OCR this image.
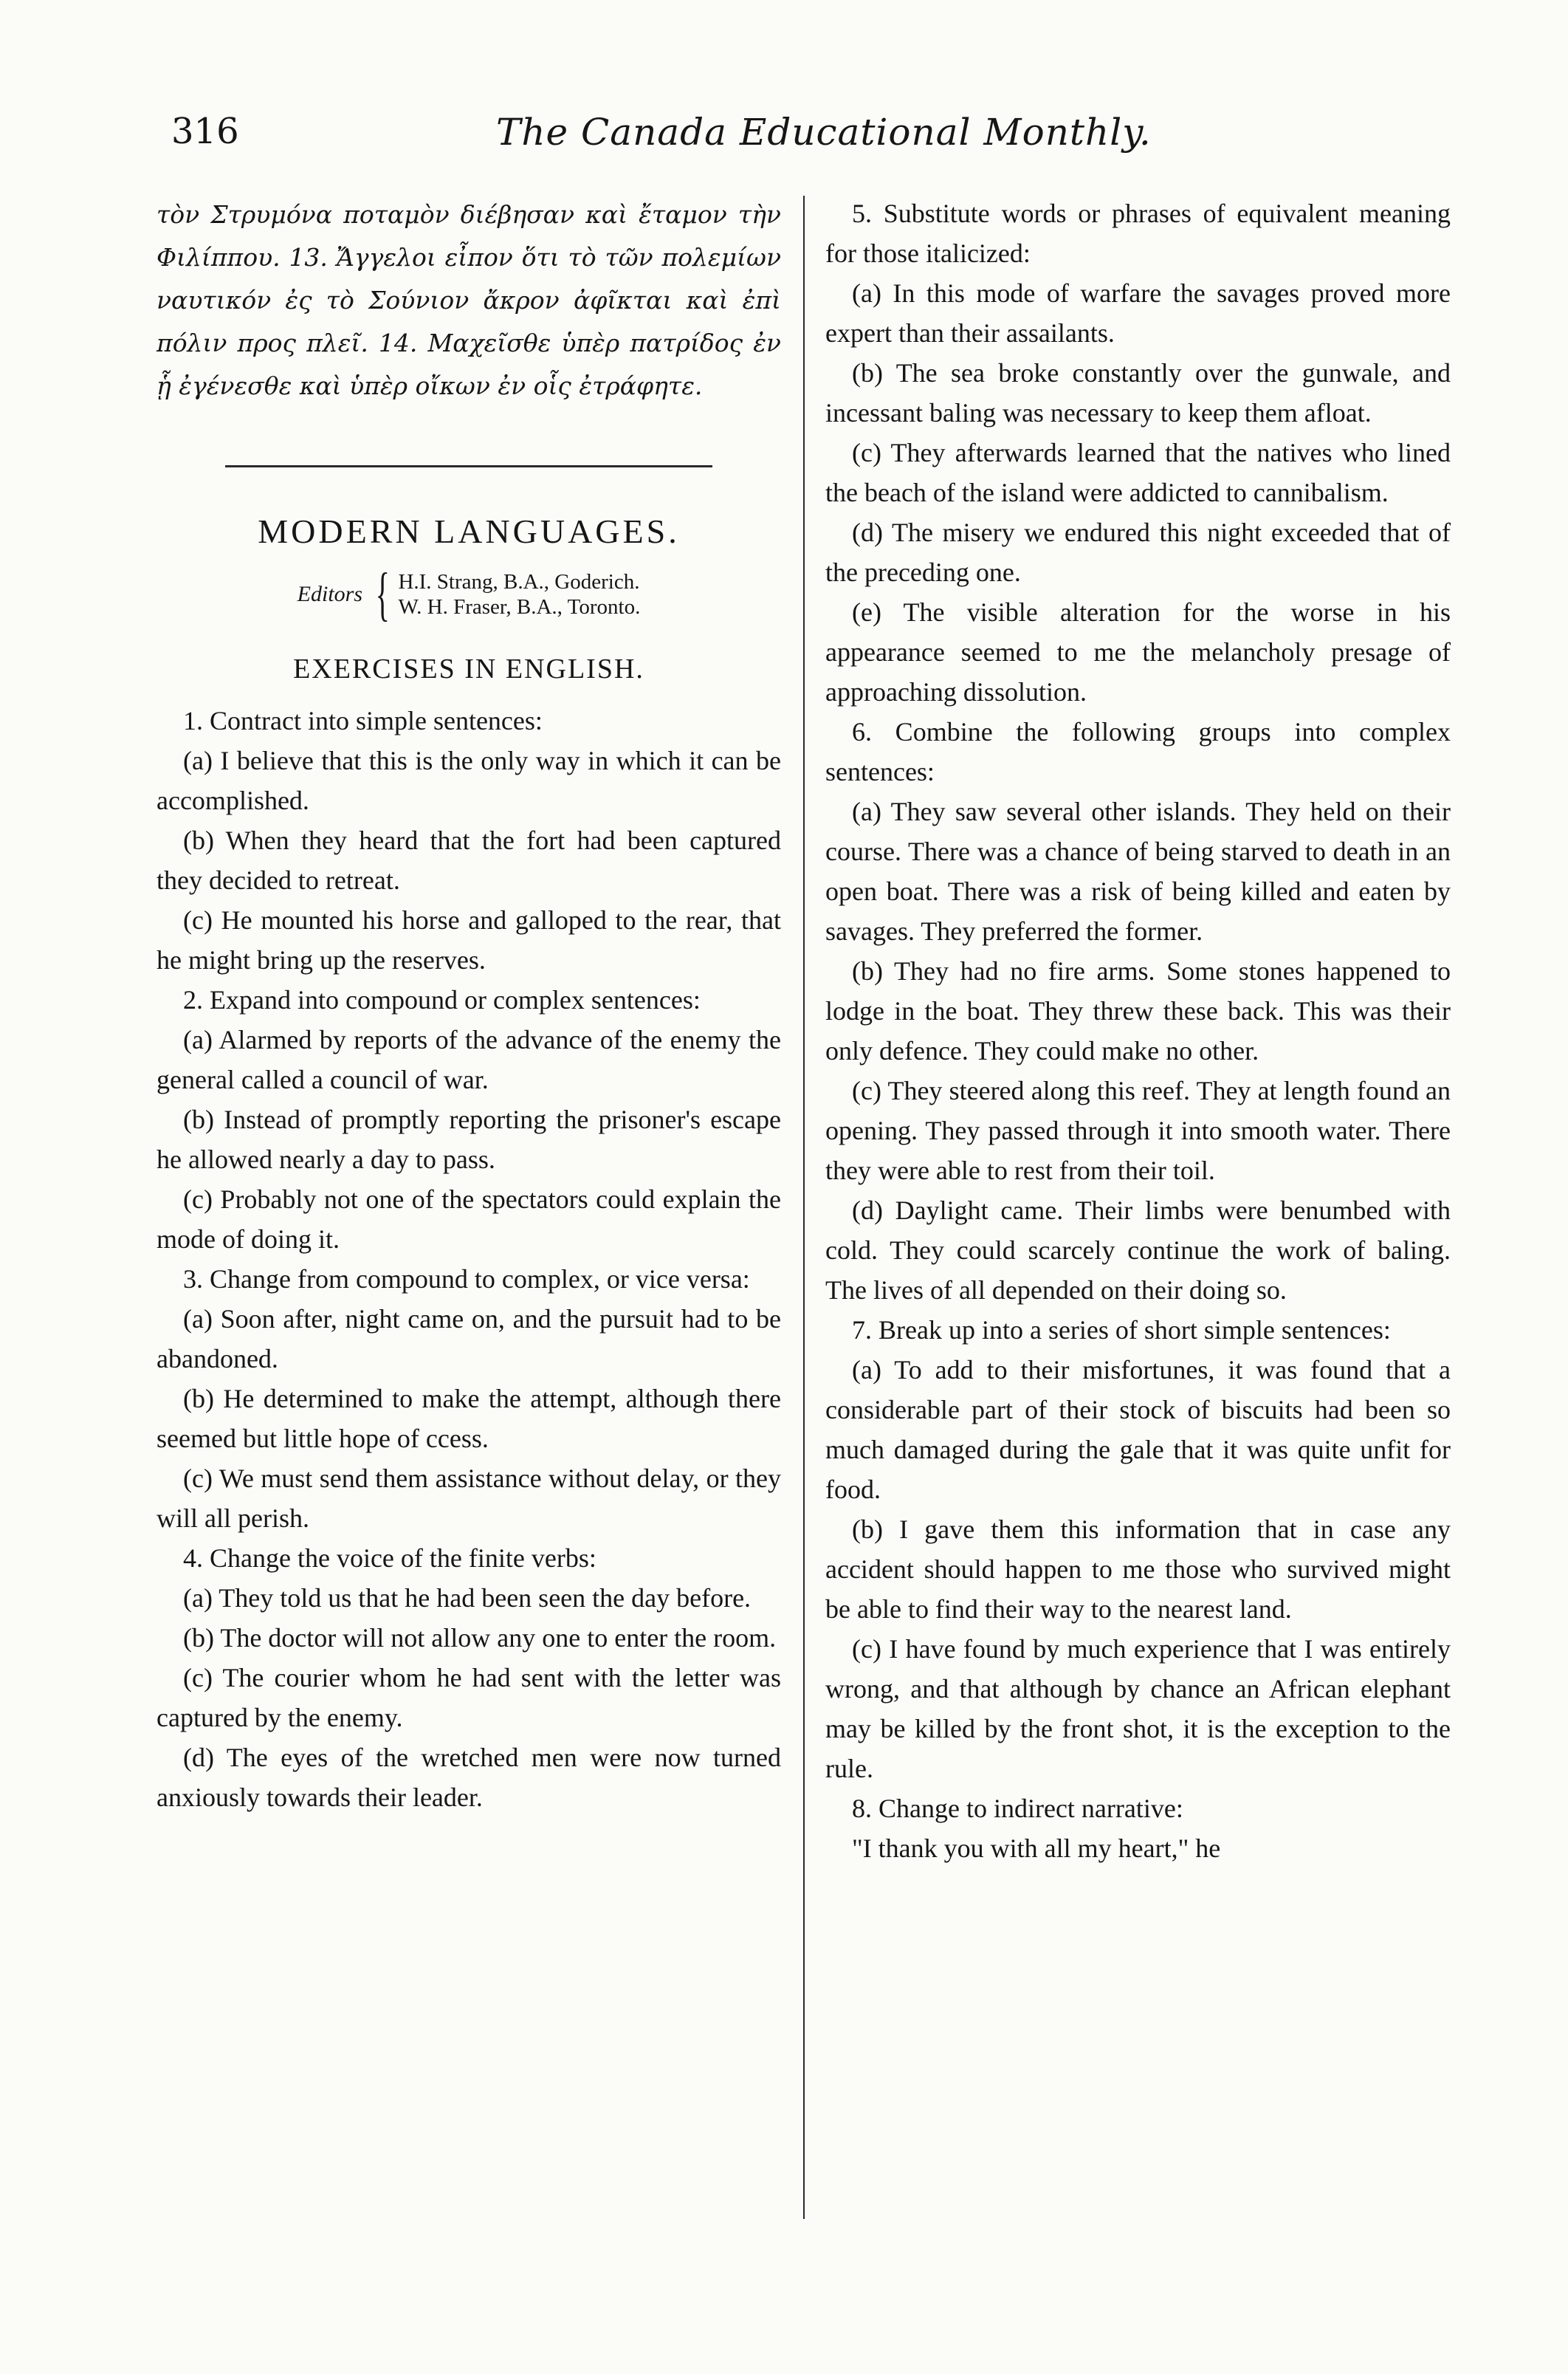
316	The Canada Educational Monthly.

τὸν Στρυμόνα ποταμὸν διέβησαν καὶ ἔταμον τὴν Φιλίππου. 13. Ἄγγελοι εἶπον ὅτι τὸ τῶν πολεμίων ναυτικόν ἐς τὸ Σούνιον ἄκρον ἀφῖκται καὶ ἐπὶ πόλιν προς πλεῖ. 14. Μαχεῖσθε ὑπὲρ πατρίδος ἐν ᾗ ἐγένεσθε καὶ ὑπὲρ οἴκων ἐν οἷς ἐτράφητε.

MODERN LANGUAGES.
Editors { H.I. Strang, B.A., Goderich.
W. H. Fraser, B.A., Toronto.
EXERCISES IN ENGLISH.

1. Contract into simple sentences:

(a) I believe that this is the only way in which it can be accomplished.

(b) When they heard that the fort had been captured they decided to retreat.

(c) He mounted his horse and galloped to the rear, that he might bring up the reserves.

2. Expand into compound or complex sentences:

(a) Alarmed by reports of the advance of the enemy the general called a council of war.

(b) Instead of promptly reporting the prisoner's escape he allowed nearly a day to pass.

(c) Probably not one of the spectators could explain the mode of doing it.

3. Change from compound to complex, or vice versa:

(a) Soon after, night came on, and the pursuit had to be abandoned.

(b) He determined to make the attempt, although there seemed but little hope of ccess.

(c) We must send them assistance without delay, or they will all perish.

4. Change the voice of the finite verbs:

(a) They told us that he had been seen the day before.

(b) The doctor will not allow any one to enter the room.

(c) The courier whom he had sent with the letter was captured by the enemy.

(d) The eyes of the wretched men were now turned anxiously towards their leader.

5. Substitute words or phrases of equivalent meaning for those italicized:

(a) In this mode of warfare the savages proved more expert than their assailants.

(b) The sea broke constantly over the gunwale, and incessant baling was necessary to keep them afloat.

(c) They afterwards learned that the natives who lined the beach of the island were addicted to cannibalism.

(d) The misery we endured this night exceeded that of the preceding one.

(e) The visible alteration for the worse in his appearance seemed to me the melancholy presage of approaching dissolution.

6. Combine the following groups into complex sentences:

(a) They saw several other islands. They held on their course. There was a chance of being starved to death in an open boat. There was a risk of being killed and eaten by savages. They preferred the former.

(b) They had no fire arms. Some stones happened to lodge in the boat. They threw these back. This was their only defence. They could make no other.

(c) They steered along this reef. They at length found an opening. They passed through it into smooth water. There they were able to rest from their toil.

(d) Daylight came. Their limbs were benumbed with cold. They could scarcely continue the work of baling. The lives of all depended on their doing so.

7. Break up into a series of short simple sentences:

(a) To add to their misfortunes, it was found that a considerable part of their stock of biscuits had been so much damaged during the gale that it was quite unfit for food.

(b) I gave them this information that in case any accident should happen to me those who survived might be able to find their way to the nearest land.

(c) I have found by much experience that I was entirely wrong, and that although by chance an African elephant may be killed by the front shot, it is the exception to the rule.

8. Change to indirect narrative:

"I thank you with all my heart," he
